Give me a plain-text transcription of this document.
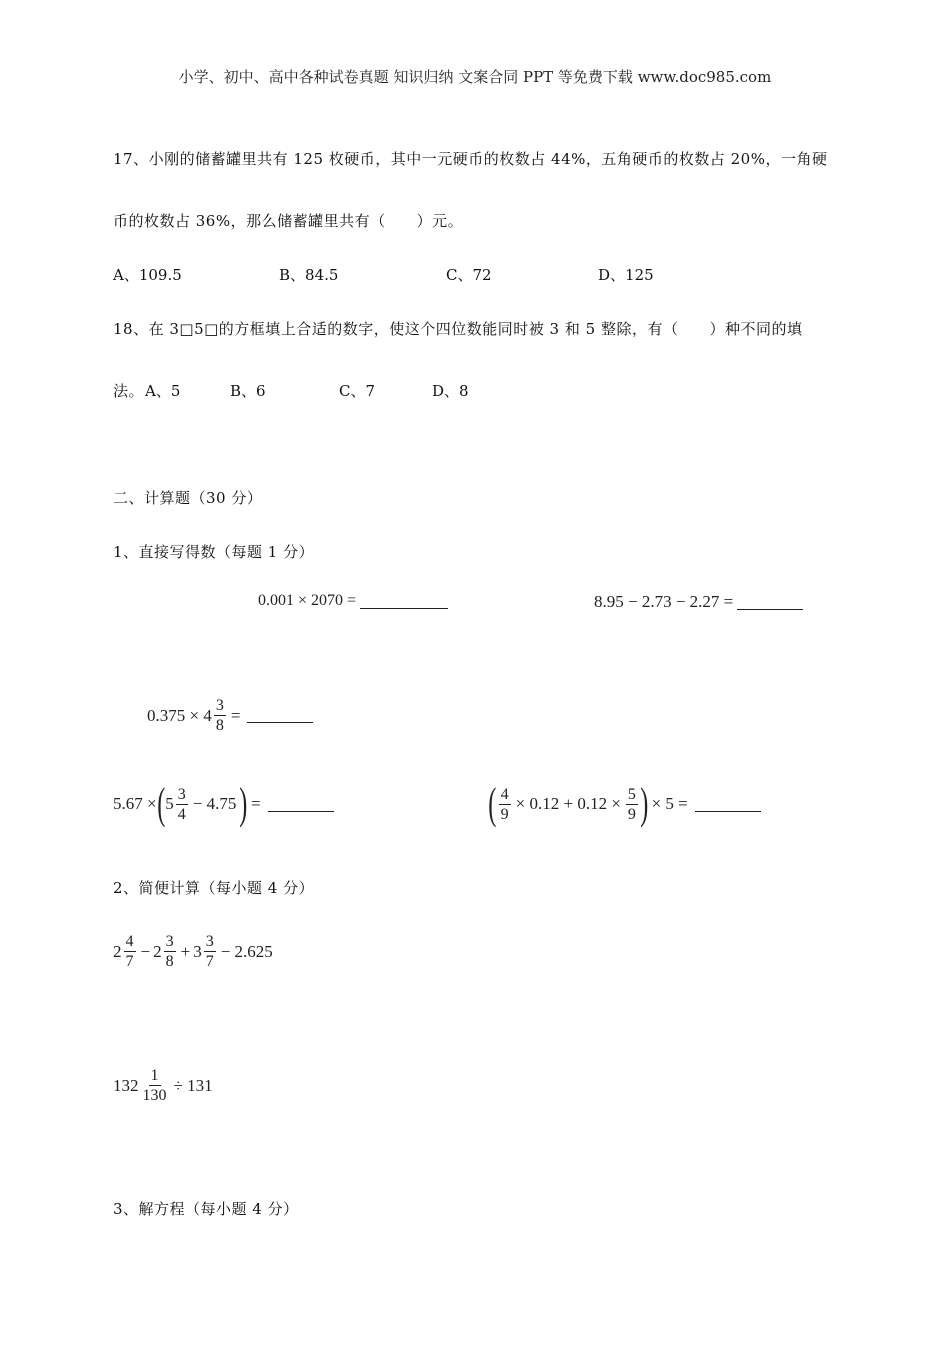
小学、初中、高中各种试卷真题 知识归纳 文案合同 PPT 等免费下载 www.doc985.com
17、小刚的储蓄罐里共有 125 枚硬币，其中一元硬币的枚数占 44%，五角硬币的枚数占 20%，一角硬
币的枚数占 36%，那么储蓄罐里共有（　　）元。
A、109.5	B、84.5	C、72	D、125
18、在 3□5□的方框填上合适的数字，使这个四位数能同时被 3 和 5 整除，有（　　）种不同的填
法。 A、5	B、6	C、7	D、8
二、计算题（30 分）
1、直接写得数（每题 1 分）
0.001 × 2070 =	8.95 − 2.73 − 2.27 =
$0.375 \times 4 \frac{3}{8}$ =
5.67 × ( $5 \frac{3}{4} - 4.75$ ) =	( $\frac{4}{9} \times 0.12 + 0.12 \times \frac{5}{9}$ ) × 5 =
2、简便计算（每小题 4 分）
$2 \frac{4}{7} - 2 \frac{3}{8} + 3 \frac{3}{7} - 2.625$
$132 \frac{1}{130} \div 131$
3、解方程（每小题 4 分）
